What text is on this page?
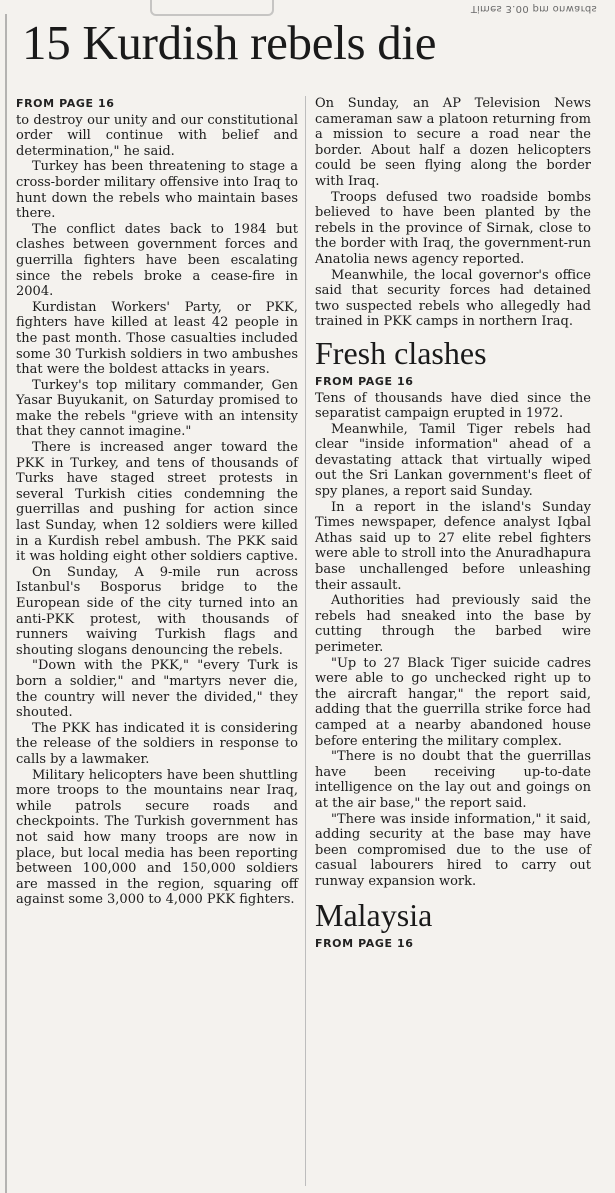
Times 3.00 pm onwards
15 Kurdish rebels die
FROM PAGE 16

to destroy our unity and our constitutional order will continue with belief and determination," he said.

Turkey has been threatening to stage a cross-border military offensive into Iraq to hunt down the rebels who maintain bases there.

The conflict dates back to 1984 but clashes between government forces and guerrilla fighters have been escalating since the rebels broke a cease-fire in 2004.

Kurdistan Workers' Party, or PKK, fighters have killed at least 42 people in the past month. Those casualties included some 30 Turkish soldiers in two ambushes that were the boldest attacks in years.

Turkey's top military commander, Gen Yasar Buyukanit, on Saturday promised to make the rebels "grieve with an intensity that they cannot imagine."

There is increased anger toward the PKK in Turkey, and tens of thousands of Turks have staged street protests in several Turkish cities condemning the guerrillas and pushing for action since last Sunday, when 12 soldiers were killed in a Kurdish rebel ambush. The PKK said it was holding eight other soldiers captive.

On Sunday, A 9-mile run across Istanbul's Bosporus bridge to the European side of the city turned into an anti-PKK protest, with thousands of runners waiving Turkish flags and shouting slogans denouncing the rebels.

"Down with the PKK," "every Turk is born a soldier," and "martyrs never die, the country will never the divided," they shouted.

The PKK has indicated it is considering the release of the soldiers in response to calls by a lawmaker.

Military helicopters have been shuttling more troops to the mountains near Iraq, while patrols secure roads and checkpoints. The Turkish government has not said how many troops are now in place, but local media has been reporting between 100,000 and 150,000 soldiers are massed in the region, squaring off against some 3,000 to 4,000 PKK fighters.

On Sunday, an AP Television News cameraman saw a platoon returning from a mission to secure a road near the border. About half a dozen helicopters could be seen flying along the border with Iraq.

Troops defused two roadside bombs believed to have been planted by the rebels in the province of Sirnak, close to the border with Iraq, the government-run Anatolia news agency reported.

Meanwhile, the local governor's office said that security forces had detained two suspected rebels who allegedly had trained in PKK camps in northern Iraq.

Fresh clashes
FROM PAGE 16

Tens of thousands have died since the separatist campaign erupted in 1972.

Meanwhile, Tamil Tiger rebels had clear "inside information" ahead of a devastating attack that virtually wiped out the Sri Lankan government's fleet of spy planes, a report said Sunday.

In a report in the island's Sunday Times newspaper, defence analyst Iqbal Athas said up to 27 elite rebel fighters were able to stroll into the Anuradhapura base unchallenged before unleashing their assault.

Authorities had previously said the rebels had sneaked into the base by cutting through the barbed wire perimeter.

"Up to 27 Black Tiger suicide cadres were able to go unchecked right up to the aircraft hangar," the report said, adding that the guerrilla strike force had camped at a nearby abandoned house before entering the military complex.

"There is no doubt that the guerrillas have been receiving up-to-date intelligence on the lay out and goings on at the air base," the report said.

"There was inside information," it said, adding security at the base may have been compromised due to the use of casual labourers hired to carry out runway expansion work.

Malaysia
FROM PAGE 16
